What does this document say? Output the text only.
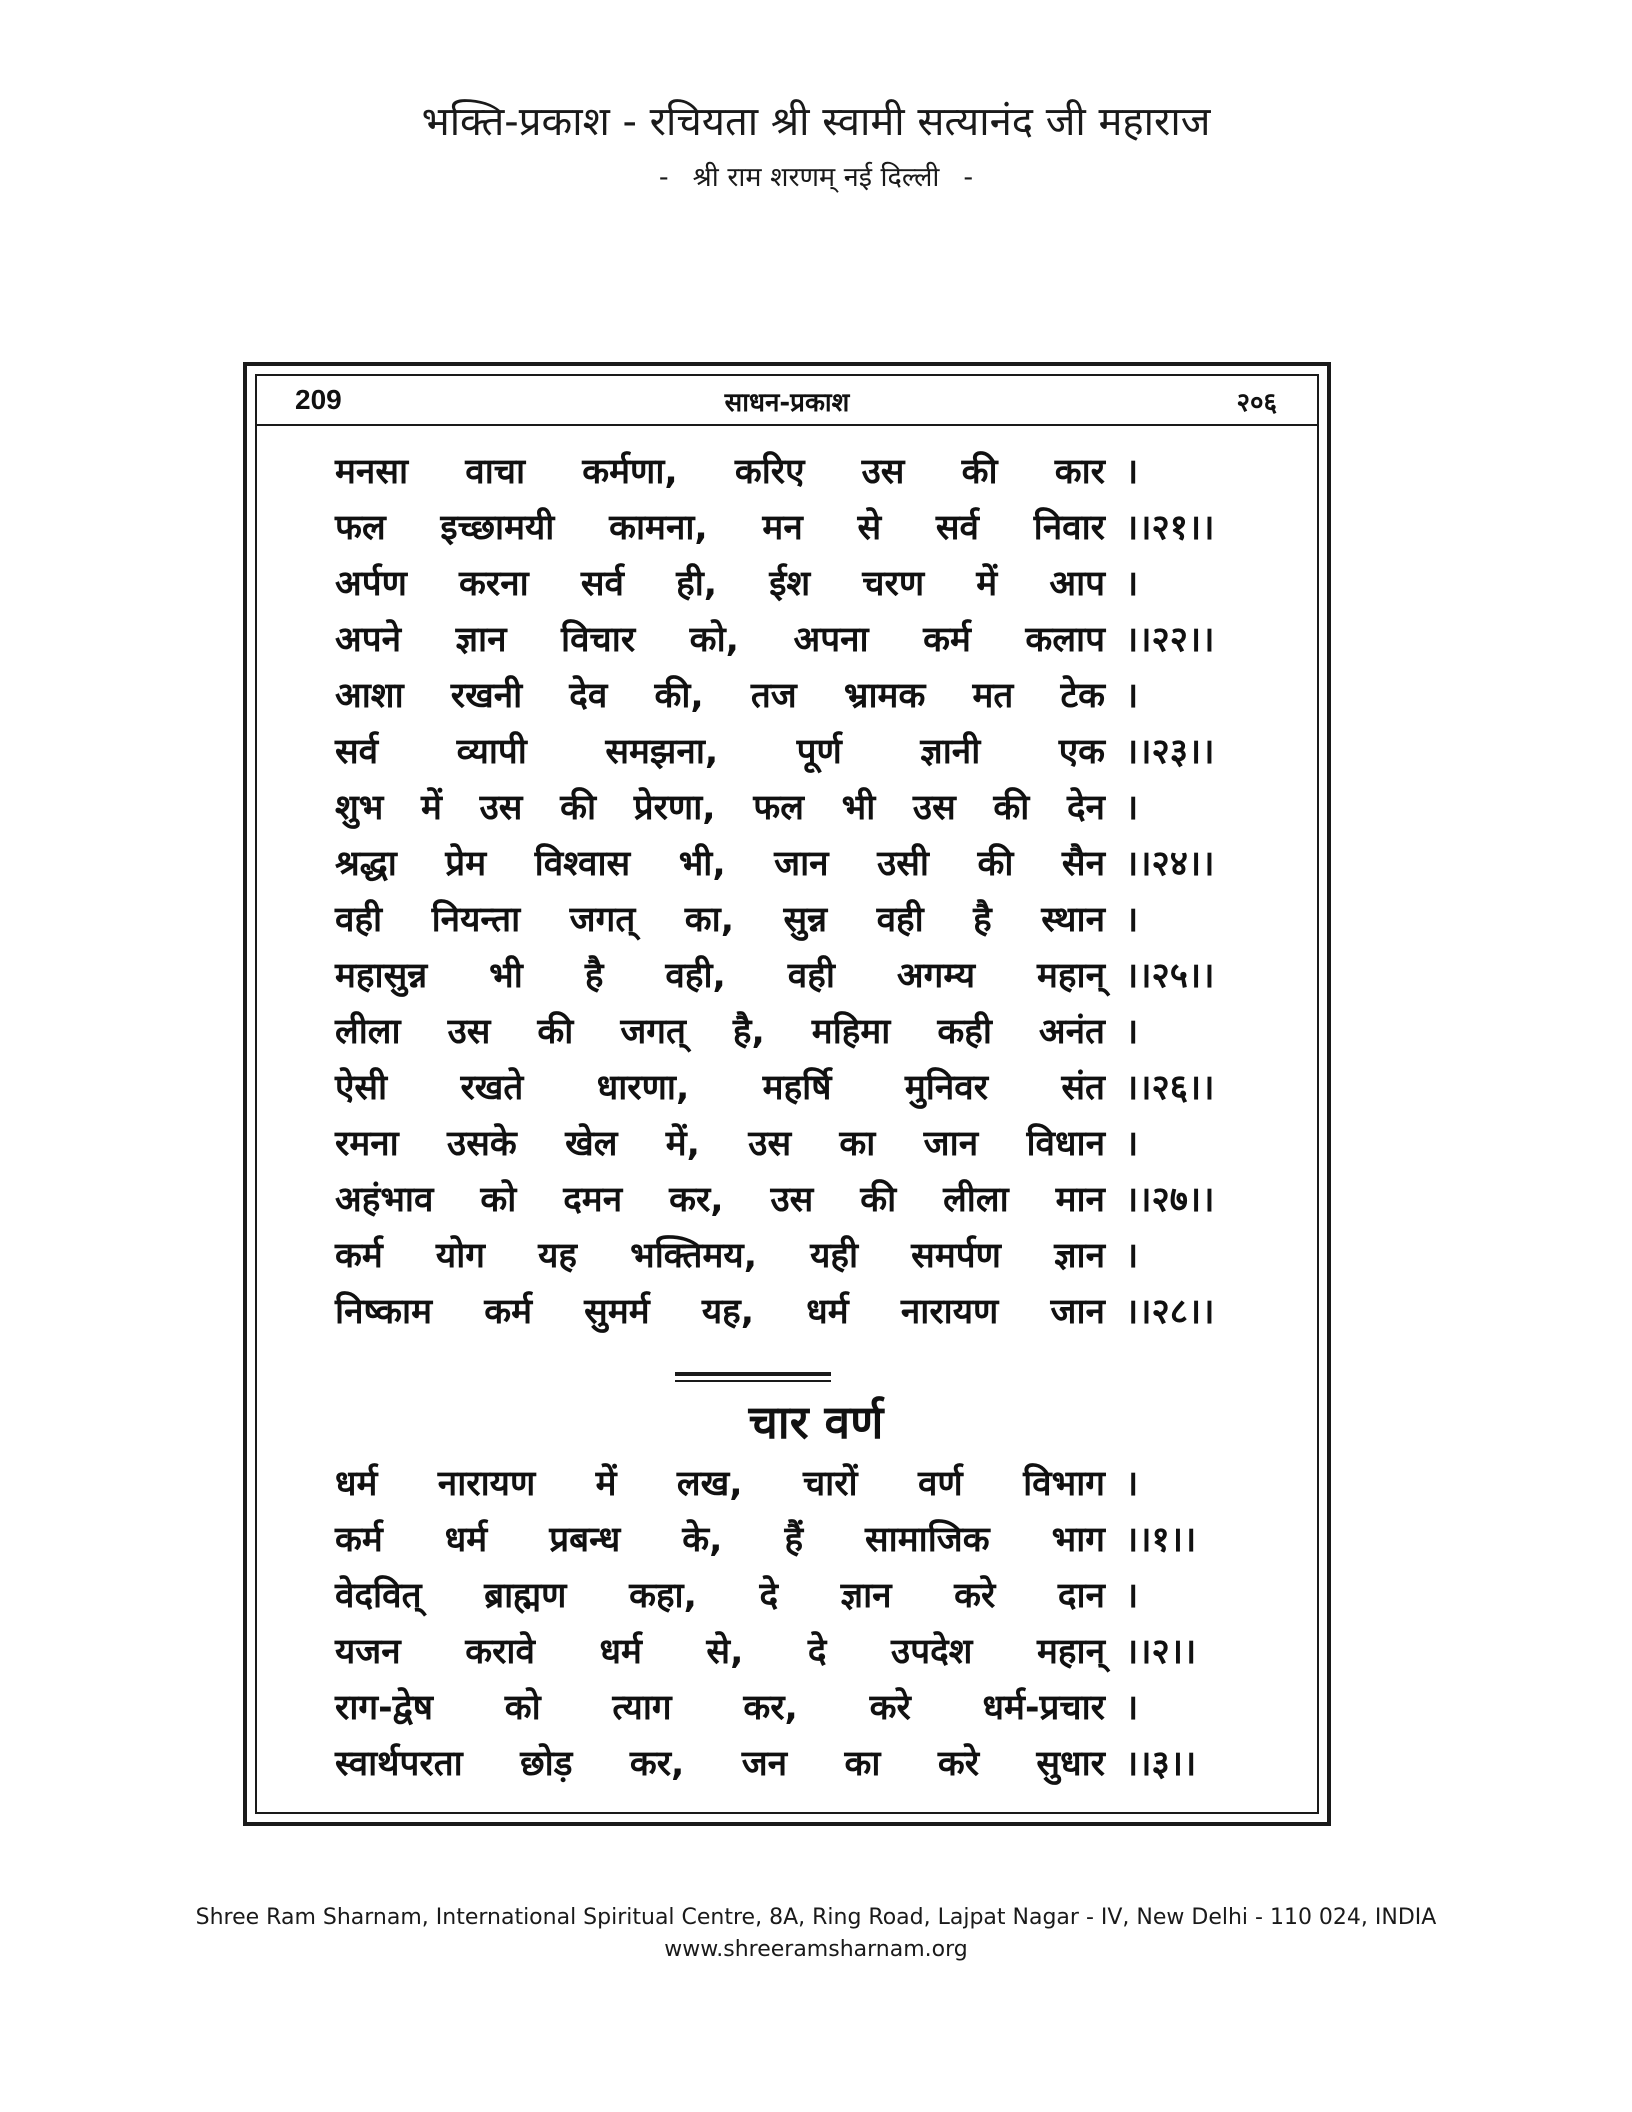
भक्ति-प्रकाश - रचियता श्री स्वामी सत्यानंद जी महाराज
- श्री राम शरणम् नई दिल्ली -
209	साधन-प्रकाश	२०६
मनसा वाचा कर्मणा, करिए उस की कार ।
फल इच्छामयी कामना, मन से सर्व निवार ।।२१।।
अर्पण करना सर्व ही, ईश चरण में आप ।
अपने ज्ञान विचार को, अपना कर्म कलाप ।।२२।।
आशा रखनी देव की, तज भ्रामक मत टेक ।
सर्व व्यापी समझना, पूर्ण ज्ञानी एक ।।२३।।
शुभ में उस की प्रेरणा, फल भी उस की देन ।
श्रद्धा प्रेम विश्वास भी, जान उसी की सैन ।।२४।।
वही नियन्ता जगत् का, सुन्न वही है स्थान ।
महासुन्न भी है वही, वही अगम्य महान् ।।२५।।
लीला उस की जगत् है, महिमा कही अनंत ।
ऐसी रखते धारणा, महर्षि मुनिवर संत ।।२६।।
रमना उसके खेल में, उस का जान विधान ।
अहंभाव को दमन कर, उस की लीला मान ।।२७।।
कर्म योग यह भक्तिमय, यही समर्पण ज्ञान ।
निष्काम कर्म सुमर्म यह, धर्म नारायण जान ।।२८।।
चार वर्ण
धर्म नारायण में लख, चारों वर्ण विभाग ।
कर्म धर्म प्रबन्ध के, हैं सामाजिक भाग ।।१।।
वेदवित् ब्राह्मण कहा, दे ज्ञान करे दान ।
यजन करावे धर्म से, दे उपदेश महान् ।।२।।
राग-द्वेष को त्याग कर, करे धर्म-प्रचार ।
स्वार्थपरता छोड़ कर, जन का करे सुधार ।।३।।
Shree Ram Sharnam, International Spiritual Centre, 8A, Ring Road, Lajpat Nagar - IV, New Delhi - 110 024, INDIA
www.shreeramsharnam.org
